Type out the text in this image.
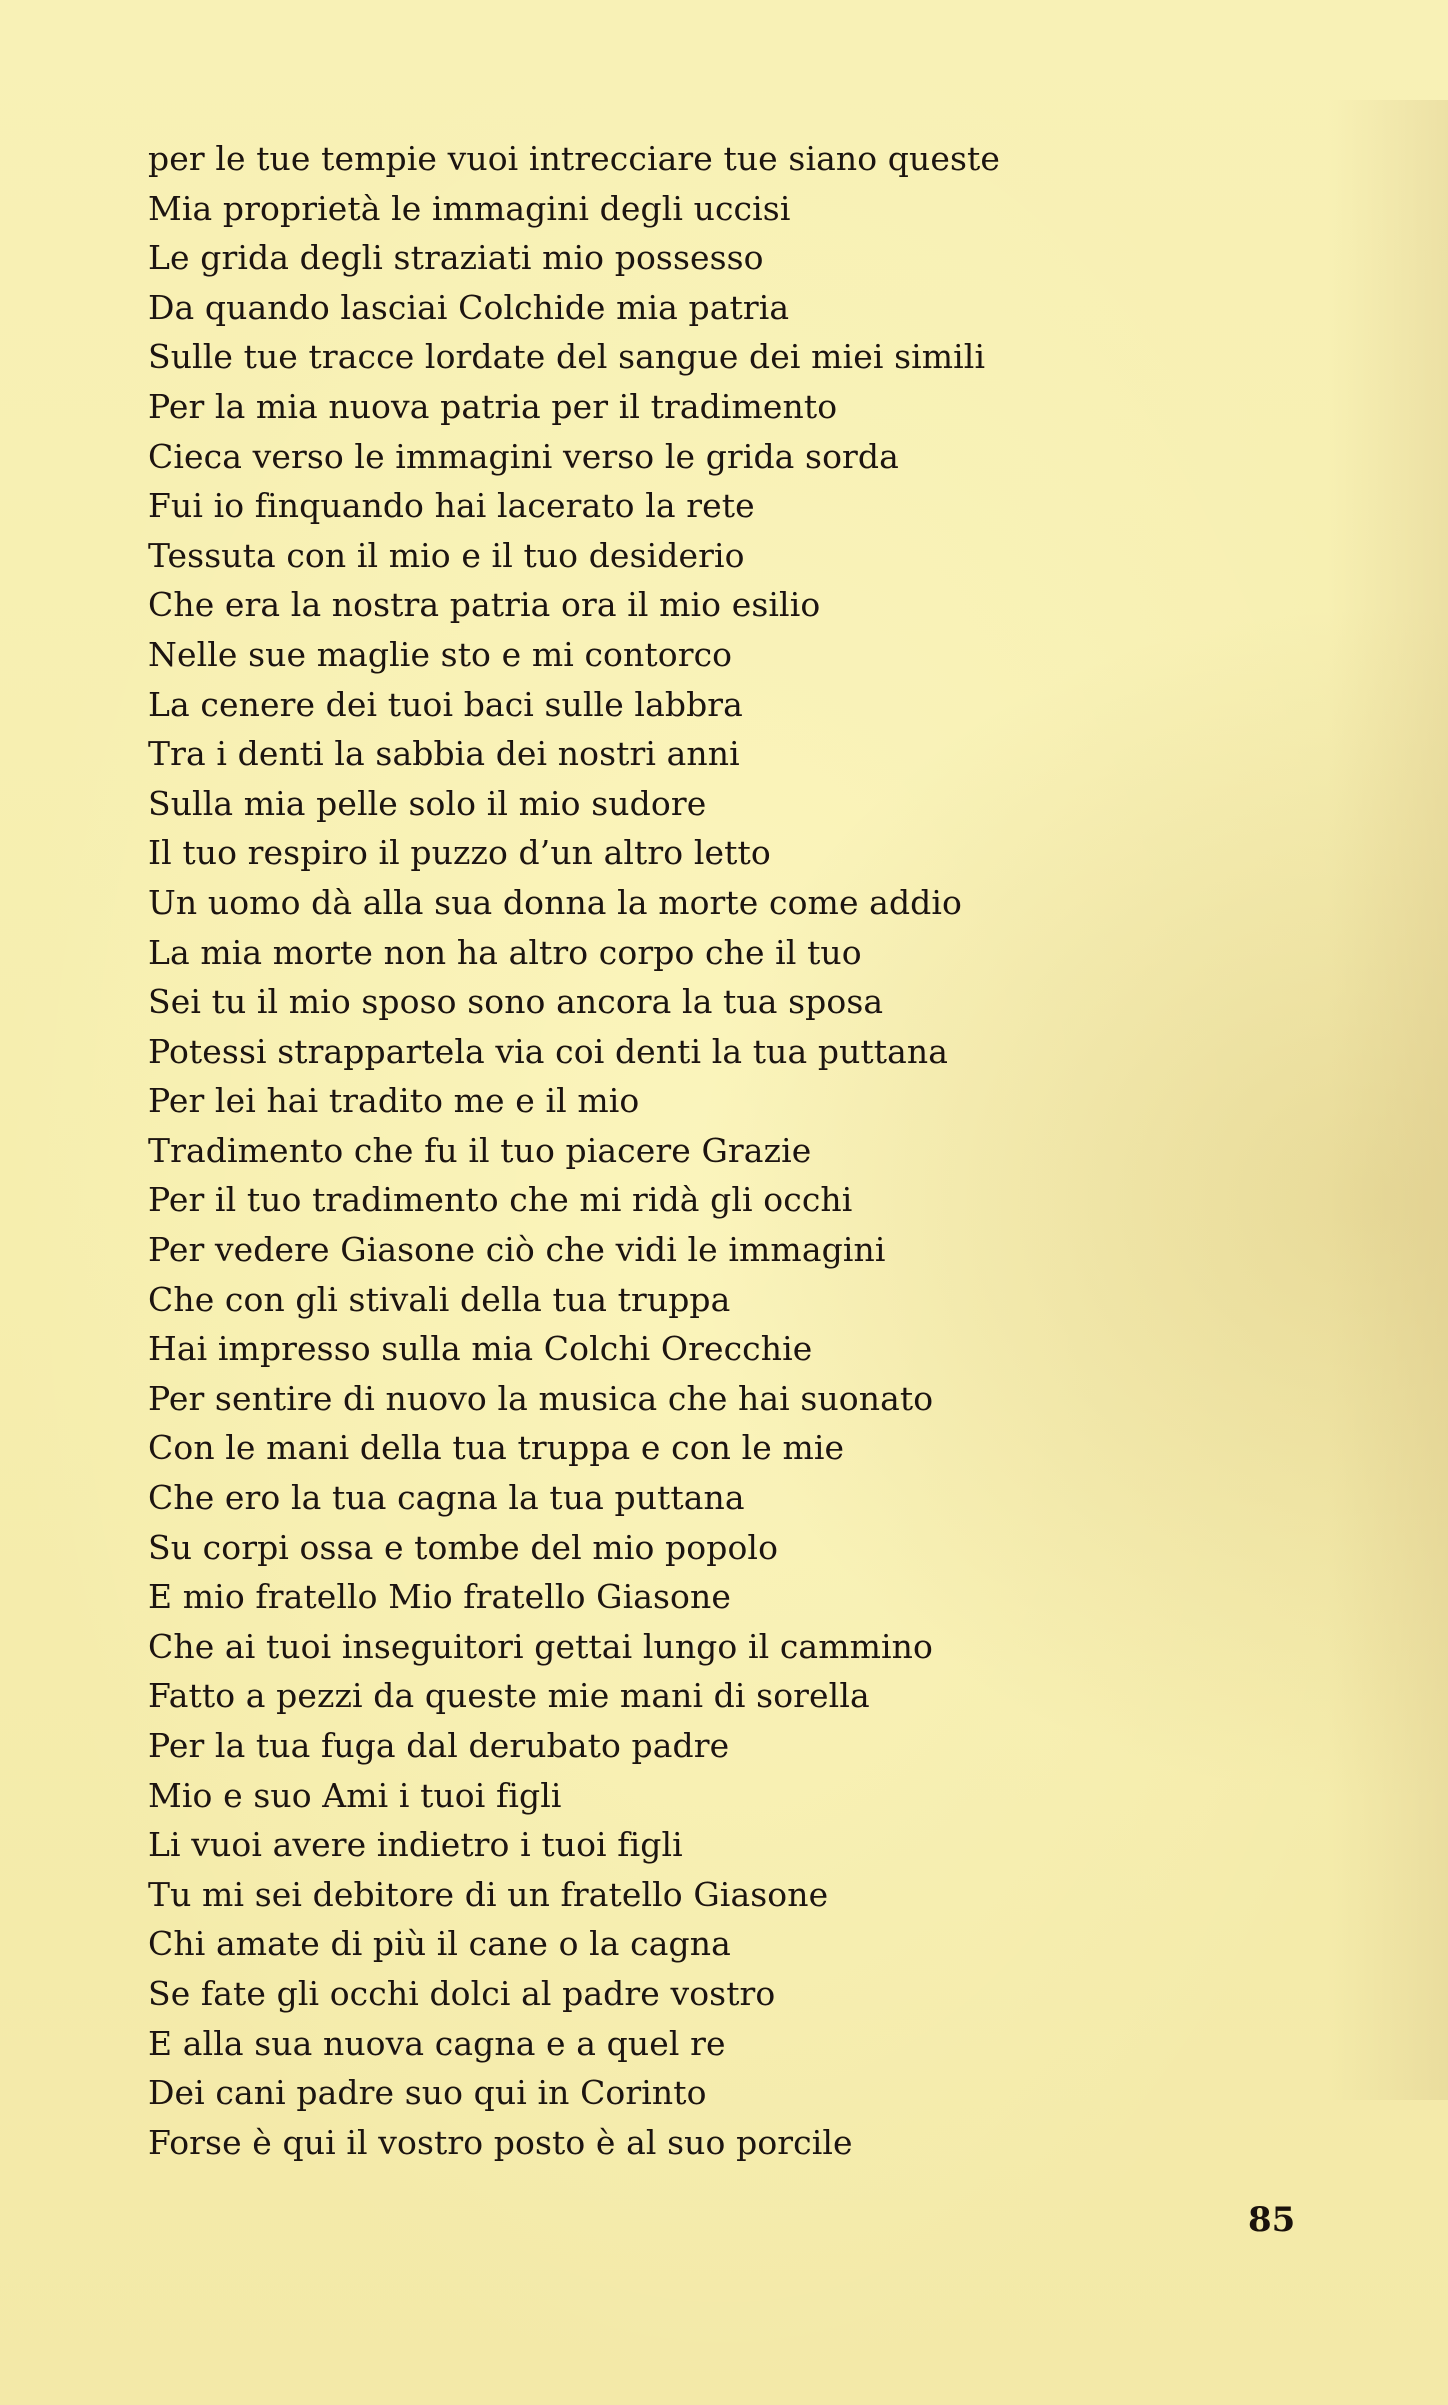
per le tue tempie vuoi intrecciare tue siano queste
Mia proprietà le immagini degli uccisi
Le grida degli straziati mio possesso
Da quando lasciai Colchide mia patria
Sulle tue tracce lordate del sangue dei miei simili
Per la mia nuova patria per il tradimento
Cieca verso le immagini verso le grida sorda
Fui io finquando hai lacerato la rete
Tessuta con il mio e il tuo desiderio
Che era la nostra patria ora il mio esilio
Nelle sue maglie sto e mi contorco
La cenere dei tuoi baci sulle labbra
Tra i denti la sabbia dei nostri anni
Sulla mia pelle solo il mio sudore
Il tuo respiro il puzzo d’un altro letto
Un uomo dà alla sua donna la morte come addio
La mia morte non ha altro corpo che il tuo
Sei tu il mio sposo sono ancora la tua sposa
Potessi strappartela via coi denti la tua puttana
Per lei hai tradito me e il mio
Tradimento che fu il tuo piacere Grazie
Per il tuo tradimento che mi ridà gli occhi
Per vedere Giasone ciò che vidi le immagini
Che con gli stivali della tua truppa
Hai impresso sulla mia Colchi Orecchie
Per sentire di nuovo la musica che hai suonato
Con le mani della tua truppa e con le mie
Che ero la tua cagna la tua puttana
Su corpi ossa e tombe del mio popolo
E mio fratello Mio fratello Giasone
Che ai tuoi inseguitori gettai lungo il cammino
Fatto a pezzi da queste mie mani di sorella
Per la tua fuga dal derubato padre
Mio e suo Ami i tuoi figli
Li vuoi avere indietro i tuoi figli
Tu mi sei debitore di un fratello Giasone
Chi amate di più il cane o la cagna
Se fate gli occhi dolci al padre vostro
E alla sua nuova cagna e a quel re
Dei cani padre suo qui in Corinto
Forse è qui il vostro posto è al suo porcile
85
